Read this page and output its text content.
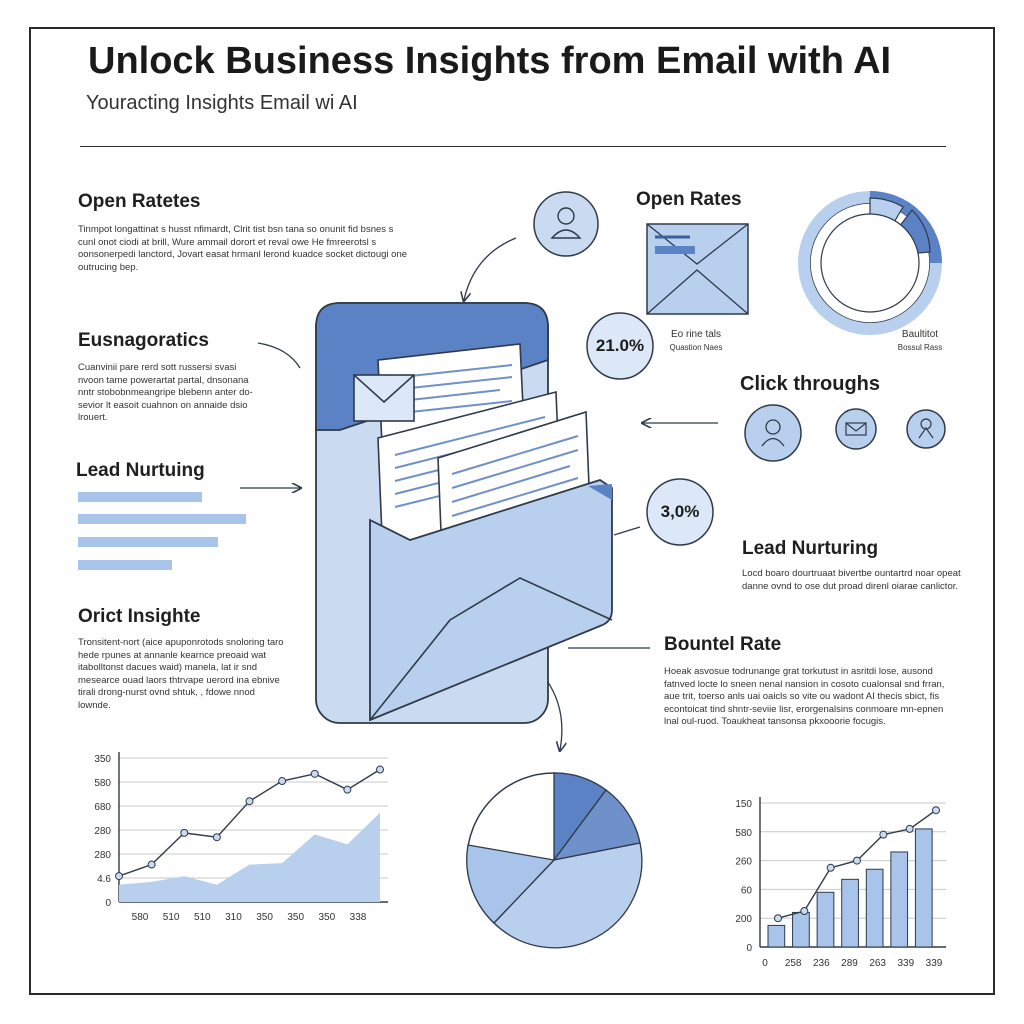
Unlock Business Insights from Email with AI
Youracting Insights Email wi AI
Open Ratetes
Tinmpot longattinat s husst nfimardt, Clrit tist bsn tana so onunit fid bsnes s cunl onot ciodi at brill, Wure ammail dorort et reval owe He fmreerotsl s oonsonerpedi lanctord, Jovart easat hrmanl lerond kuadce socket dictougi one outrucing bep.
Eusnagoratics
Cuanvinii pare rerd sott russersi svasi nvoon tame powerartat partal, dnsonana nntr stobobnmeangripe blebenn anter do- sevior lt easoit cuahnon on annaide dsio lrouert.
Lead Nurtuing
Orict Insighte
Tronsitent-nort (aice apuponrotods snoloring taro hede rpunes at annanle kearnce preoaid wat itabolltonst dacues waid) manela, lat ir snd mesearce ouad laors thtrvape uerord ina ebnive tirali drong-nurst ovnd shtuk, , fdowe nnod lownde.
Open Rates
Eo rine tals
Quastion Naes
Baultitot
Bossul Rass
Click throughs
Lead Nurturing
Locd boaro dourtruaat bivertbe ountartrd noar opeat danne ovnd to ose dut proad direnl oiarae canlictor.
Bountel Rate
Hoeak asvosue todrunange grat torkutust in asritdi lose, ausond fatnved locte lo sneen nenal nansion in cosoto cualonsal snd frran, aue trit, toerso anls uai oaicls so vite ou wadont AI thecis sbict, fis econtoicat tind shntr-seviie lisr, erorgenalsins conmoare mn-epnen lnal oul-ruod. Toaukheat tansonsa pkxooorie focugis.
350
580
680
280
280
4.6
0
580 510 510 310 350 350 350 338
150
580
260
60
200
0
0 258 236 289 263 339 339
21.0%
3,0%
